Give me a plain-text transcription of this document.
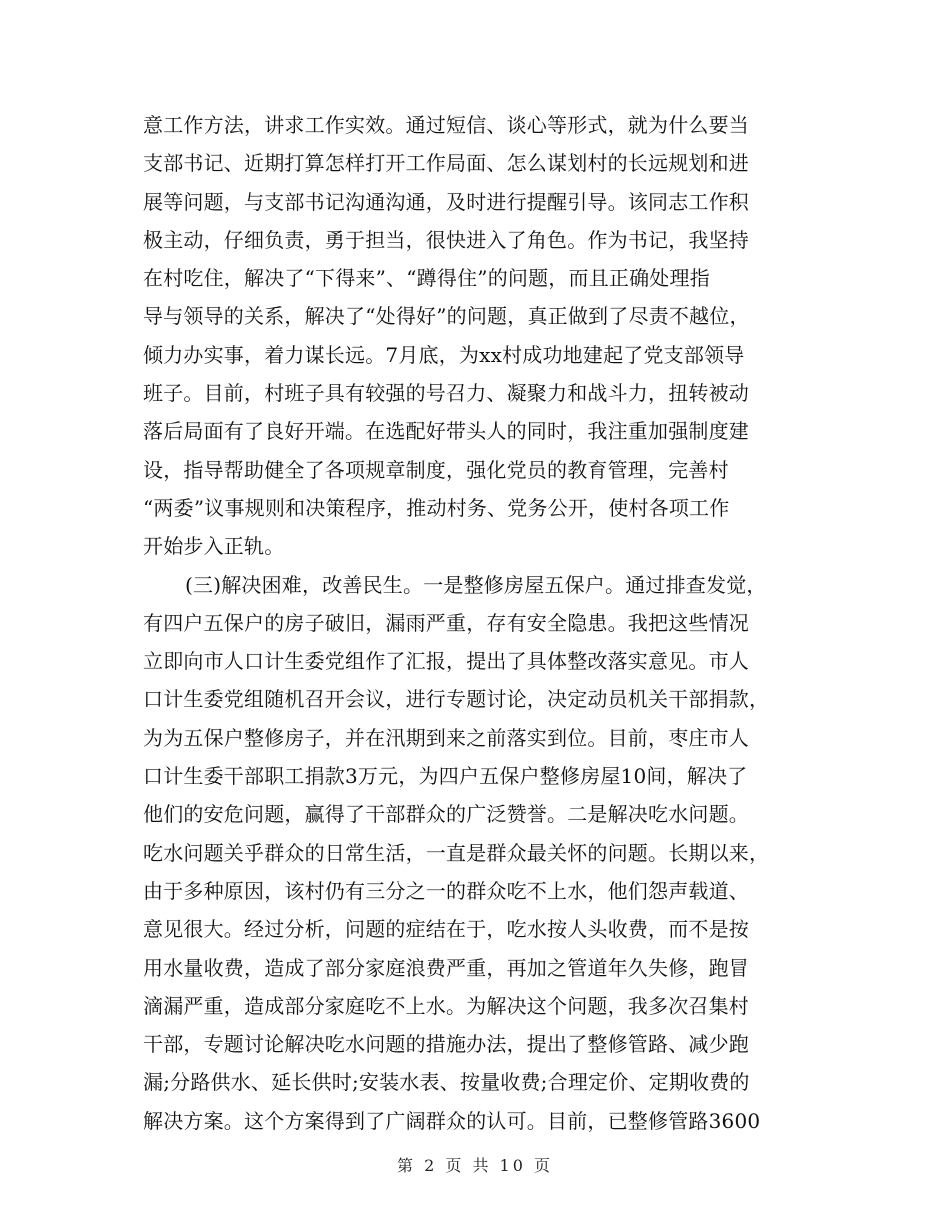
意工作方法，讲求工作实效。通过短信、谈心等形式，就为什么要当
支部书记、近期打算怎样打开工作局面、怎么谋划村的长远规划和进
展等问题，与支部书记沟通沟通，及时进行提醒引导。该同志工作积
极主动，仔细负责，勇于担当，很快进入了角色。作为书记，我坚持
在村吃住，解决了“下得来”、“蹲得住”的问题，而且正确处理指
导与领导的关系，解决了“处得好”的问题，真正做到了尽责不越位，
倾力办实事，着力谋长远。7月底，为xx村成功地建起了党支部领导
班子。目前，村班子具有较强的号召力、凝聚力和战斗力，扭转被动
落后局面有了良好开端。在选配好带头人的同时，我注重加强制度建
设，指导帮助健全了各项规章制度，强化党员的教育管理，完善村
“两委”议事规则和决策程序，推动村务、党务公开，使村各项工作
开始步入正轨。
(三)解决困难，改善民生。一是整修房屋五保户。通过排查发觉，
有四户五保户的房子破旧，漏雨严重，存有安全隐患。我把这些情况
立即向市人口计生委党组作了汇报，提出了具体整改落实意见。市人
口计生委党组随机召开会议，进行专题讨论，决定动员机关干部捐款，
为为五保户整修房子，并在汛期到来之前落实到位。目前，枣庄市人
口计生委干部职工捐款3万元，为四户五保户整修房屋10间，解决了
他们的安危问题，赢得了干部群众的广泛赞誉。二是解决吃水问题。
吃水问题关乎群众的日常生活，一直是群众最关怀的问题。长期以来，
由于多种原因，该村仍有三分之一的群众吃不上水，他们怨声载道、
意见很大。经过分析，问题的症结在于，吃水按人头收费，而不是按
用水量收费，造成了部分家庭浪费严重，再加之管道年久失修，跑冒
滴漏严重，造成部分家庭吃不上水。为解决这个问题，我多次召集村
干部，专题讨论解决吃水问题的措施办法，提出了整修管路、减少跑
漏;分路供水、延长供时;安装水表、按量收费;合理定价、定期收费的
解决方案。这个方案得到了广阔群众的认可。目前，已整修管路3600
第 2 页 共 10 页
